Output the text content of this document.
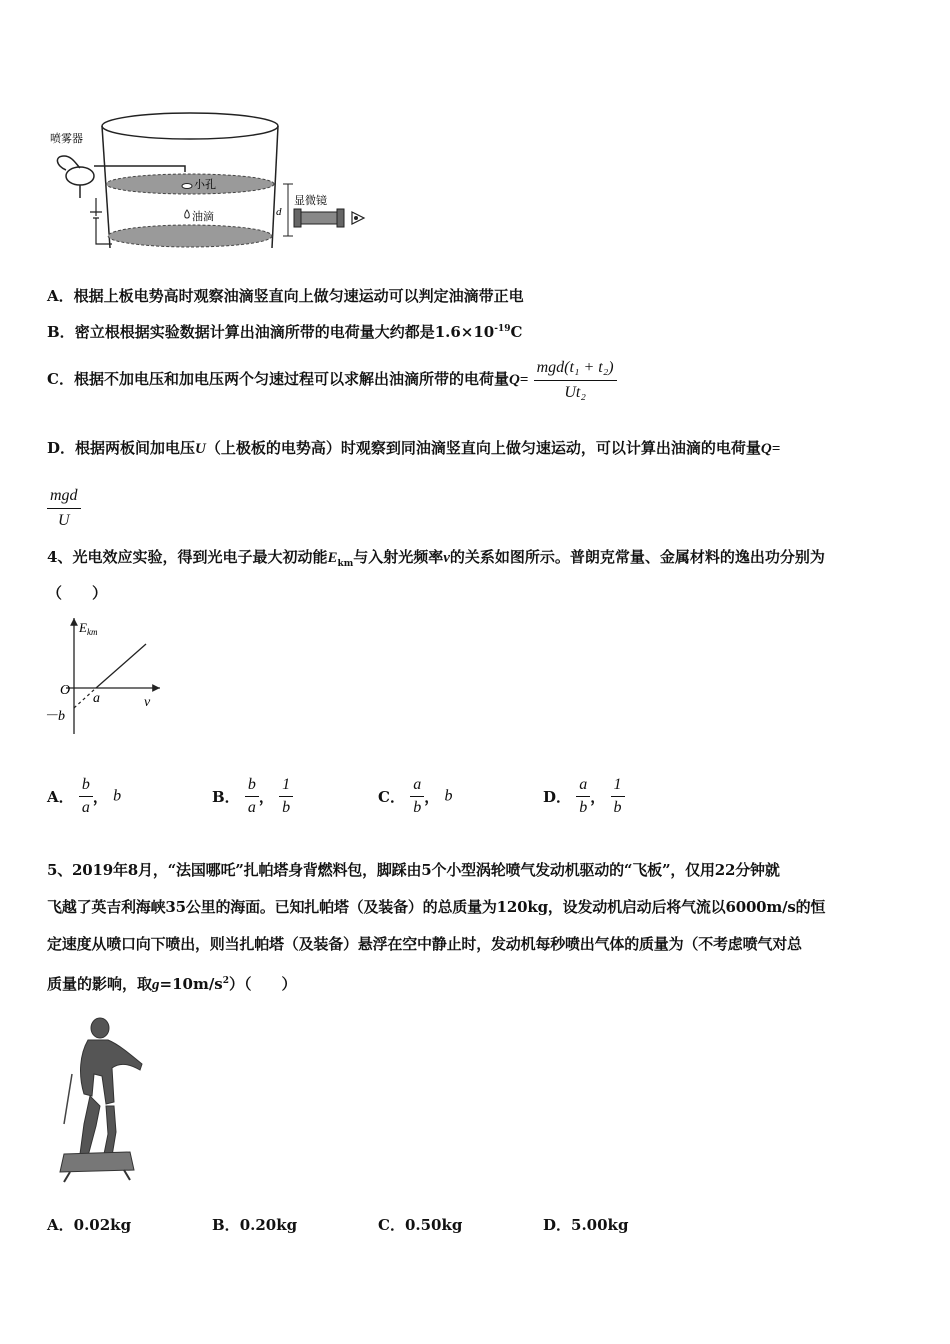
喷雾器
小孔
油滴
显微镜
d
A．根据上板电势高时观察油滴竖直向上做匀速运动可以判定油滴带正电
B．密立根根据实验数据计算出油滴所带的电荷量大约都是$1.6\times 10^{-19}C$
C．根据不加电压和加电压两个匀速过程可以求解出油滴所带的电荷量$Q= \frac{\text{mgd(t₁ + t₂)}}{\text{Ut₂}}$
D．根据两板间加电压U（上极板的电势高）时观察到同油滴竖直向上做匀速运动，可以计算出油滴的电荷量Q=
$\frac{\text{mgd}}{U}$
4、光电效应实验，得到光电子最大初动能$E_{km}$与入射光频率ν的关系如图所示。普朗克常量、金属材料的逸出功分别为
（　　）
$E_{km}$
O
ν
a
－b
A． $\frac{b}{a}$ ， b	B． $\frac{b}{a}$ ， $\frac{1}{b}$	C． $\frac{a}{b}$ ， b	D． $\frac{a}{b}$ ， $\frac{1}{b}$
5、2019年8月，“法国哪吒”扎帕塔身背燃料包，脚踩由5个小型涡轮喷气发动机驱动的“飞板”，仅用22分钟就
飞越了英吉利海峡35公里的海面。已知扎帕塔（及装备）的总质量为120kg，设发动机启动后将气流以6000m/s的恒
定速度从喷口向下喷出，则当扎帕塔（及装备）悬浮在空中静止时，发动机每秒喷出气体的质量为（不考虑喷气对总
质量的影响，取$g=10m/s^2$）（　　）
A．0.02kg	B．0.20kg	C．0.50kg	D．5.00kg
